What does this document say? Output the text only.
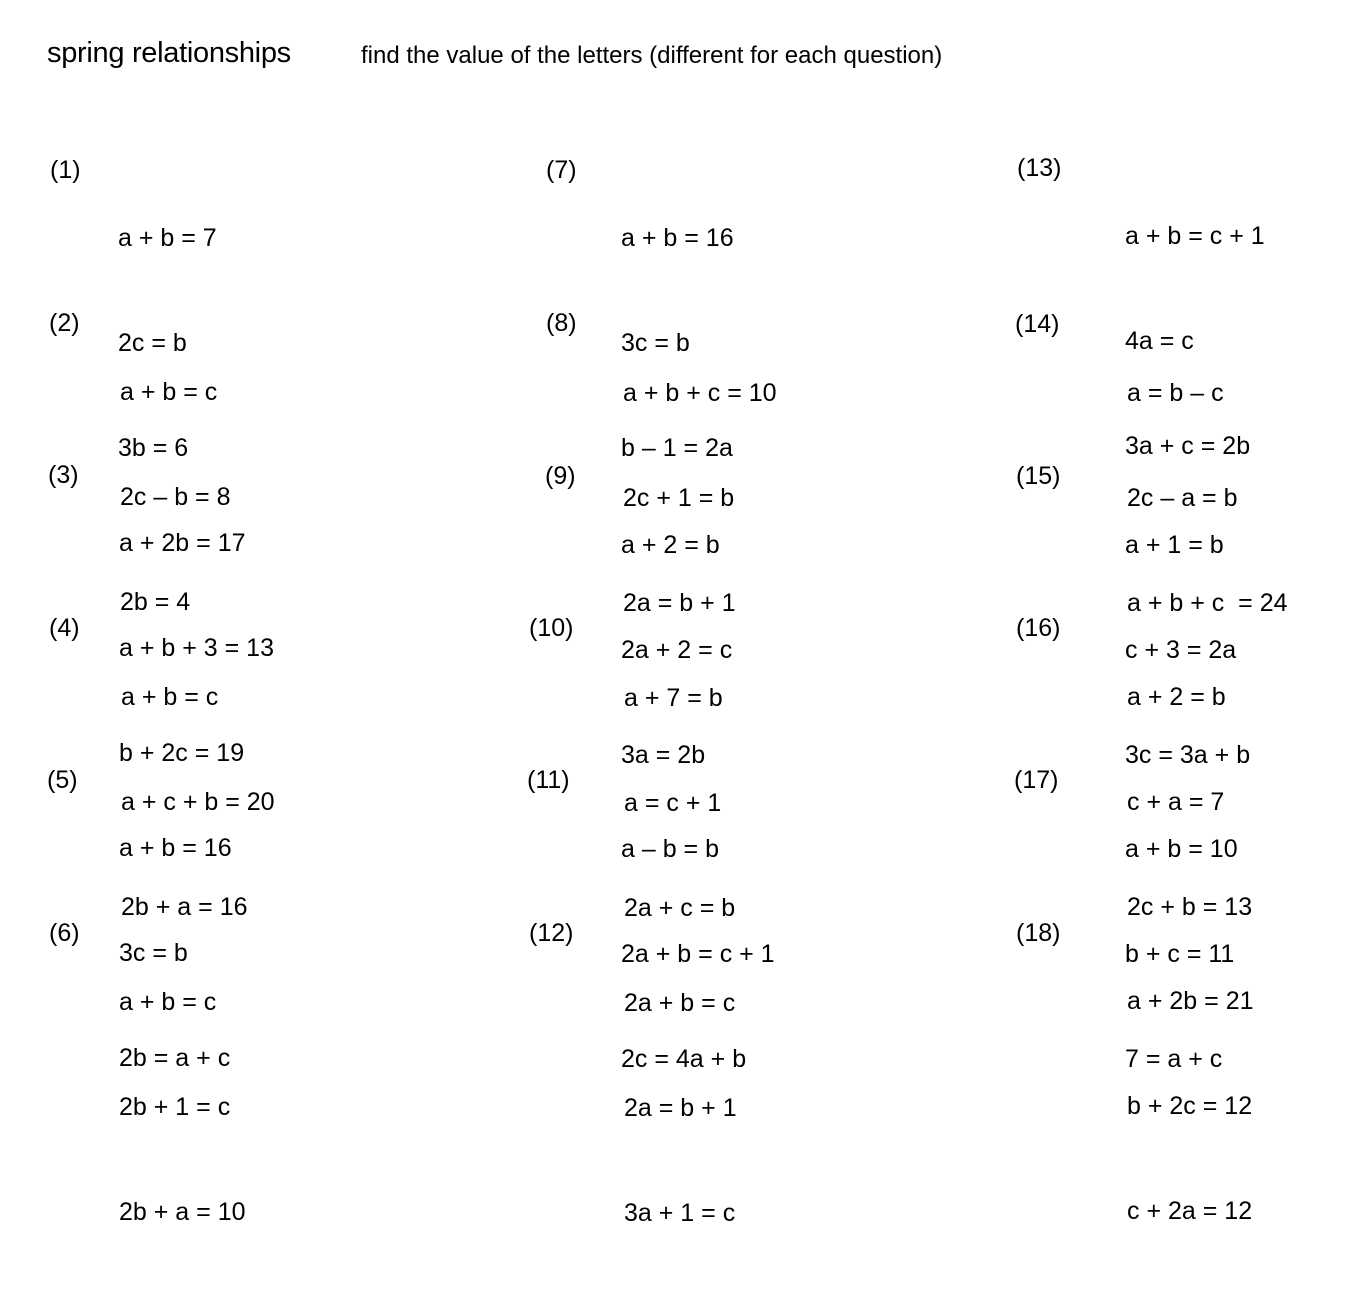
spring relationships	find the value of the letters (different for each question)
(1)

a + b = 7

2c = b

3b = 6

(2)

a + b = c

2c – b = 8

2b = 4

(3)

a + 2b = 17

a + b + 3 = 13

b + 2c = 19

(4)

a + b = c

a + c + b = 20

2b + a = 16

(5)

a + b = 16

3c = b

2b = a + c

(6)

a + b = c

2b + 1 = c

2b + a = 10

(7)

a + b = 16

3c = b

b – 1 = 2a

(8)

a + b + c = 10

2c + 1 = b

2a = b + 1

(9)

a + 2 = b

2a + 2 = c

3a = 2b

(10)

a + 7 = b

a = c + 1

2a + c = b

(11)

a – b = b

2a + b = c + 1

2c = 4a + b

(12)

2a + b = c

2a = b + 1

3a + 1 = c

(13)

a + b = c + 1

4a = c

3a + c = 2b

(14)

a = b – c

2c – a = b

a + b + c  = 24

(15)

a + 1 = b

c + 3 = 2a

3c = 3a + b

(16)

a + 2 = b

c + a = 7

2c + b = 13

(17)

a + b = 10

b + c = 11

7 = a + c

(18)

a + 2b = 21

b + 2c = 12

c + 2a = 12
